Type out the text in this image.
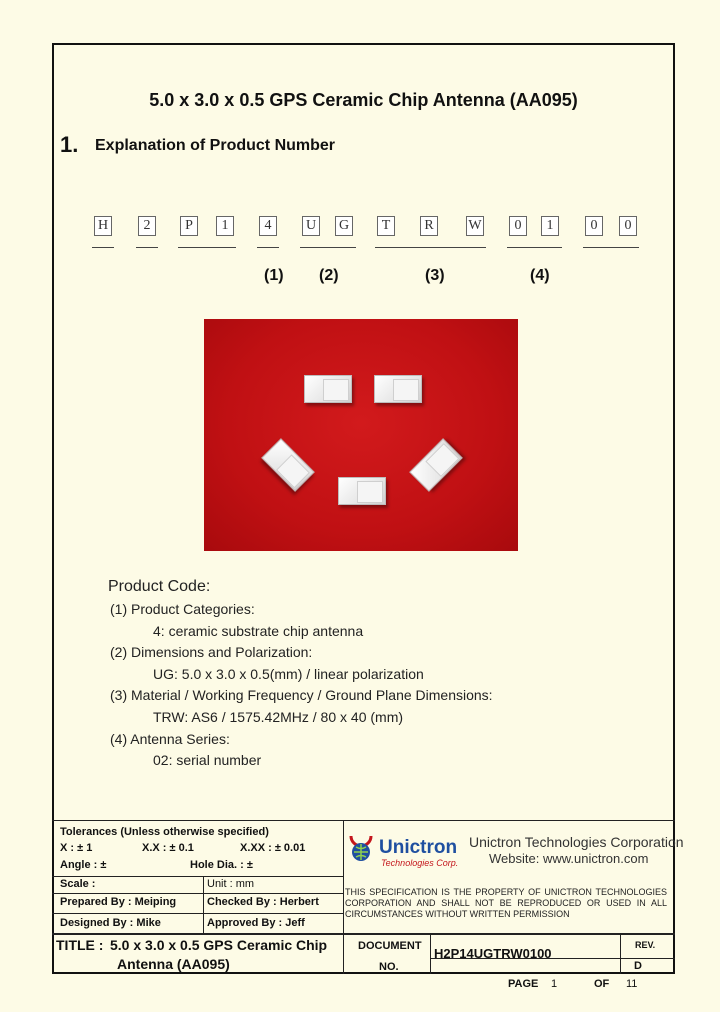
5.0 x 3.0 x 0.5 GPS Ceramic Chip Antenna (AA095)
1. Explanation of Product Number
H	2	P	1	4	U G	T	R	W	0	1	0	0
(1) (2)	(3)	(4)
Product Code:
(1) Product Categories:
4: ceramic substrate chip antenna
(2) Dimensions and Polarization:
UG: 5.0 x 3.0 x 0.5(mm) / linear polarization
(3) Material / Working Frequency / Ground Plane Dimensions:
TRW: AS6 / 1575.42MHz / 80 x 40 (mm)
(4) Antenna Series:
02: serial number
Tolerances (Unless otherwise specified)
X : ± 1	X.X : ± 0.1	X.XX : ± 0.01
Angle : ±	Hole Dia. : ±
Scale :	Unit : mm
Prepared By : Meiping	Checked By : Herbert
Designed By : Mike	Approved By : Jeff
Unictron
Technologies Corp.
Unictron Technologies Corporation
Website: www.unictron.com
THIS SPECIFICATION IS THE PROPERTY OF UNICTRON TECHNOLOGIES CORPORATION AND SHALL NOT BE REPRODUCED OR USED IN ALL CIRCUMSTANCES WITHOUT WRITTEN PERMISSION
TITLE : 5.0 x 3.0 x 0.5 GPS Ceramic Chip
Antenna (AA095)
DOCUMENT
NO.
H2P14UGTRW0100
REV.
D
PAGE 1	OF 11
